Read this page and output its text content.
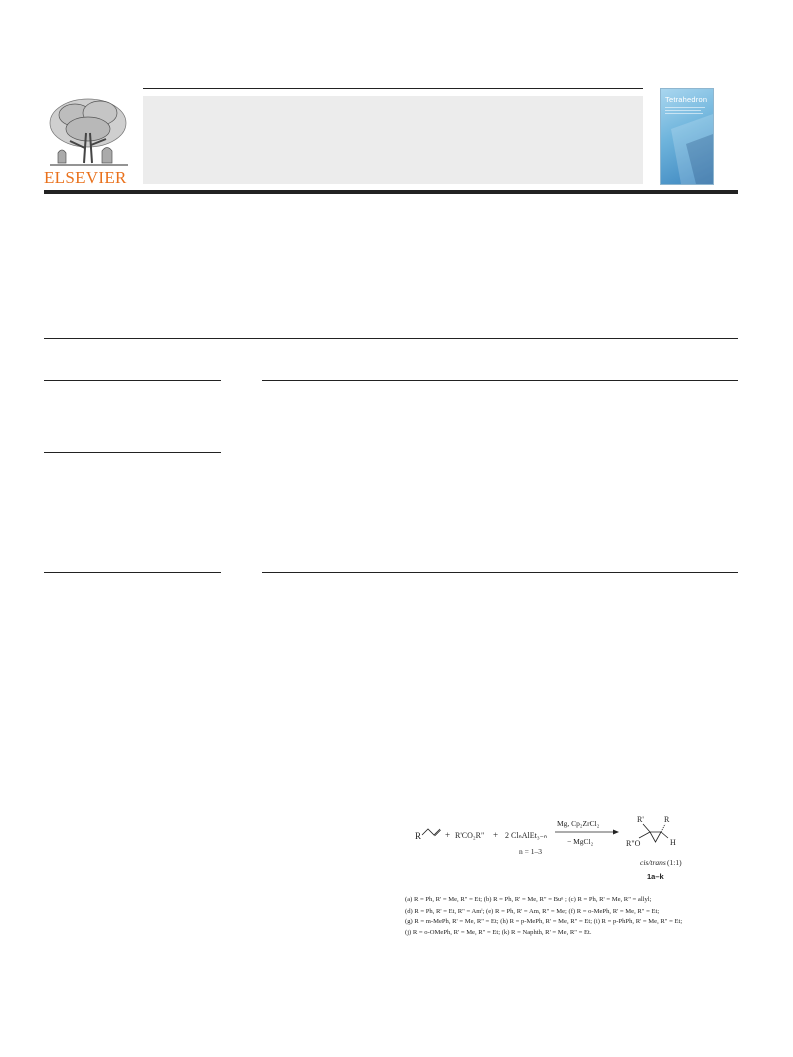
ELSEVIER
Tetrahedron
R	+ R'CO₂R" + 2 ClₙAlEt₃₋ₙ
n = 1–3
Mg, Cp₂ZrCl₂
− MgCl₂
R'	R
R"O	H
cis/trans (1:1)
1a–k
(a) R = Ph, R' = Me, R" = Et; (b) R = Ph, R' = Me, R" = Buⁿ ; (c) R = Ph, R' = Me, R" = allyl;
(d) R = Ph, R' = Et, R" = Amⁱ; (e) R = Ph, R' = Am, R" = Me; (f) R = o-MePh, R' = Me, R" = Et;
(g) R = m-MePh, R' = Me, R" = Et; (h) R = p-MePh, R' = Me, R" = Et; (i) R = p-PhPh, R' = Me, R" = Et;
(j) R = o-OMePh, R' = Me, R" = Et; (k) R = Naphth, R' = Me, R" = Et.
